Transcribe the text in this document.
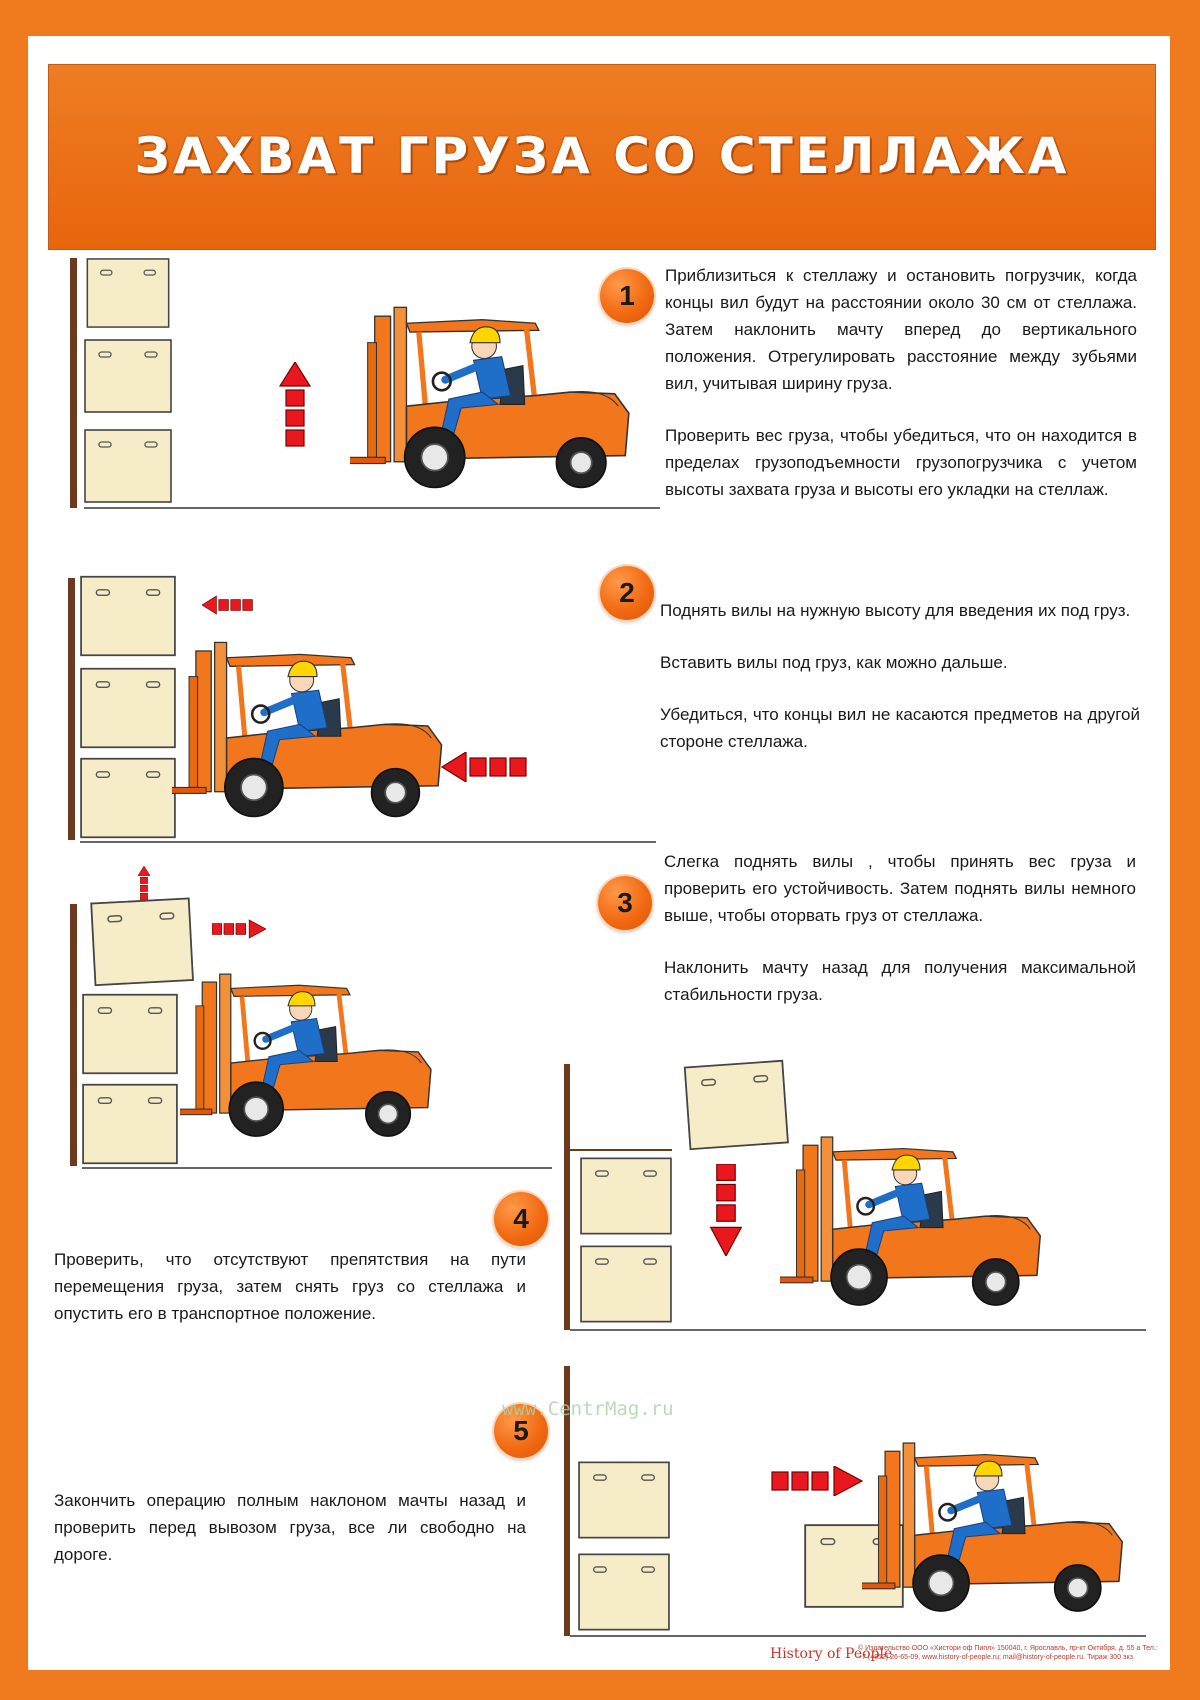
ЗАХВАТ ГРУЗА СО СТЕЛЛАЖА
1
2
3
4
5

Приблизиться к стеллажу и остановить погрузчик, когда концы вил будут на расстоянии около 30 см от стеллажа. Затем наклонить мачту вперед до вертикального положения. Отрегулировать расстояние между зубьями вил, учитывая ширину груза.

Проверить вес груза, чтобы убедиться, что он находится в пределах грузоподъемности грузопогрузчика с учетом высоты захвата груза и высоты его укладки на стеллаж.

Поднять вилы на нужную высоту для введения их под груз.

Вставить вилы под груз, как можно дальше.

Убедиться, что концы вил не касаются предметов на другой стороне стеллажа.

Слегка поднять вилы , чтобы принять вес груза и проверить его устойчивость. Затем поднять вилы немного выше, чтобы оторвать груз от стеллажа.

Наклонить мачту назад для получения максимальной стабильности груза.

Проверить, что отсутствуют препятствия на пути перемещения груза, затем снять груз со стеллажа и опустить его в транспортное положение.

Закончить операцию полным наклоном мачты назад и проверить перед вывозом груза, все ли свободно на дороге.

www.CentrMag.ru
History of People
© Издательство ООО «Хистори оф Пипл» 150040, г. Ярославль, пр-кт Октября, д. 55 а Тел.: +7 (4852) 26-65-09, www.history-of-people.ru; mail@history-of-people.ru. Тираж 300 экз.
